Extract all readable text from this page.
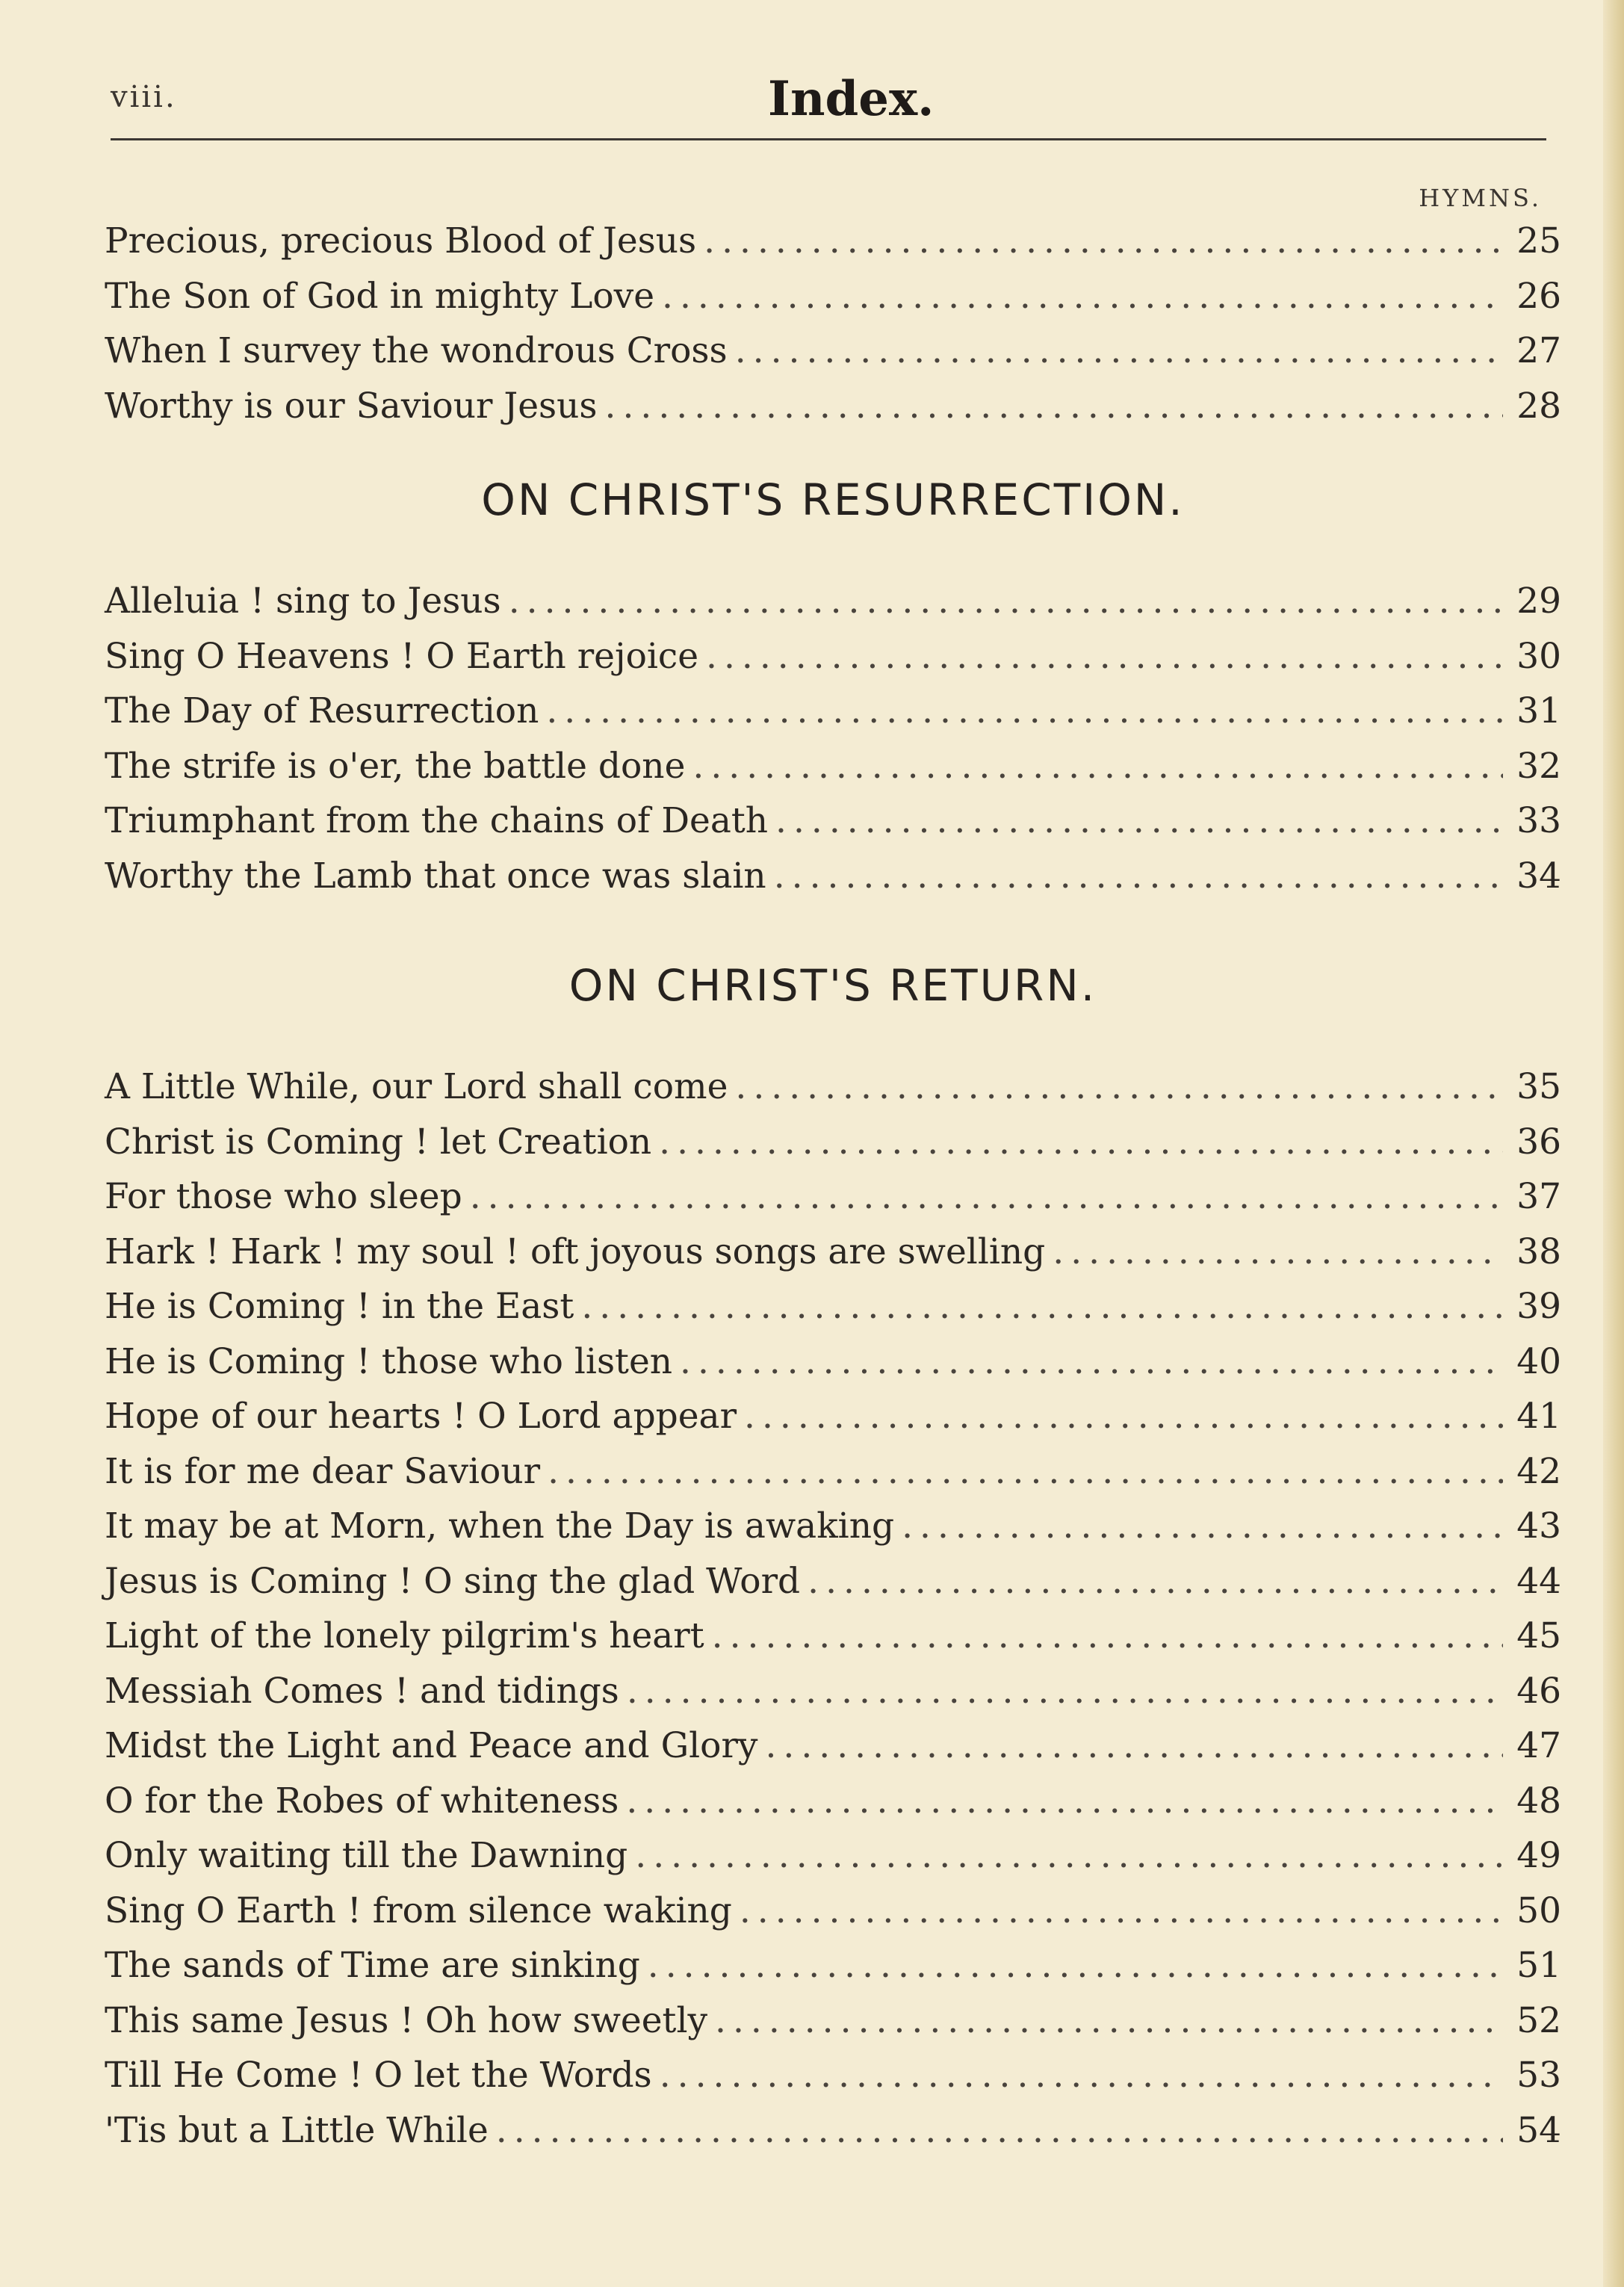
viii.	Index.
HYMNS.
Precious, precious Blood of Jesus .....	25
The Son of God in mighty Love .....	26
When I survey the wondrous Cross .....	27
Worthy is our Saviour Jesus .....	28
ON CHRIST'S RESURRECTION.
Alleluia ! sing to Jesus .....	29
Sing O Heavens ! O Earth rejoice .....	30
The Day of Resurrection .....	31
The strife is o'er, the battle done .....	32
Triumphant from the chains of Death .....	33
Worthy the Lamb that once was slain .....	34
ON CHRIST'S RETURN.
A Little While, our Lord shall come .....	35
Christ is Coming ! let Creation .....	36
For those who sleep .....	37
Hark ! Hark ! my soul ! oft joyous songs are swelling .....	38
He is Coming ! in the East .....	39
He is Coming ! those who listen .....	40
Hope of our hearts ! O Lord appear .....	41
It is for me dear Saviour .....	42
It may be at Morn, when the Day is awaking .....	43
Jesus is Coming ! O sing the glad Word .....	44
Light of the lonely pilgrim's heart .....	45
Messiah Comes ! and tidings .....	46
Midst the Light and Peace and Glory .....	47
O for the Robes of whiteness .....	48
Only waiting till the Dawning .....	49
Sing O Earth ! from silence waking .....	50
The sands of Time are sinking .....	51
This same Jesus ! Oh how sweetly .....	52
Till He Come ! O let the Words .....	53
'Tis but a Little While .....	54
